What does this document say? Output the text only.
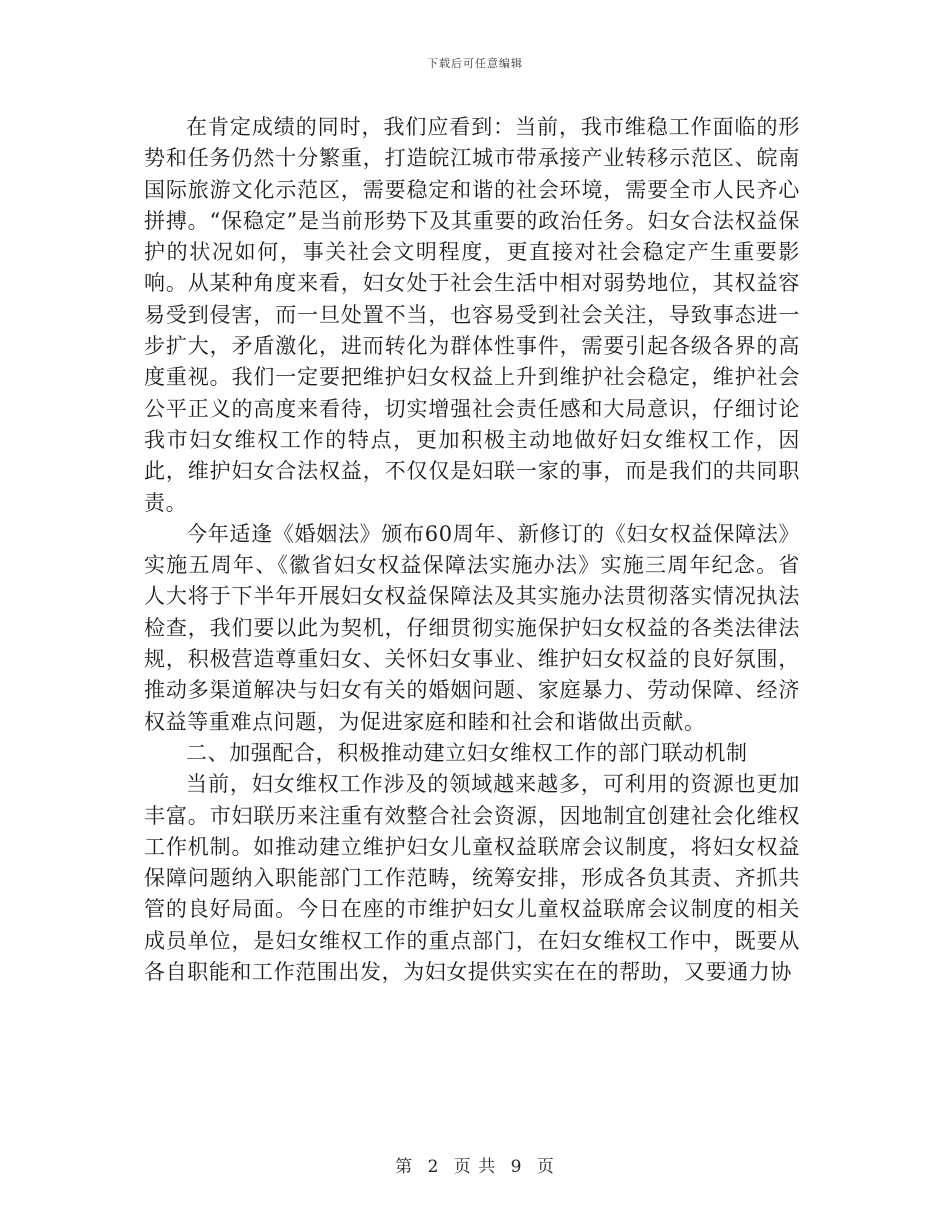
下载后可任意编辑

在肯定成绩的同时，我们应看到：当前，我市维稳工作面临的形势和任务仍然十分繁重，打造皖江城市带承接产业转移示范区、皖南国际旅游文化示范区，需要稳定和谐的社会环境，需要全市人民齐心拼搏。“保稳定”是当前形势下及其重要的政治任务。妇女合法权益保护的状况如何，事关社会文明程度，更直接对社会稳定产生重要影响。从某种角度来看，妇女处于社会生活中相对弱势地位，其权益容易受到侵害，而一旦处置不当，也容易受到社会关注，导致事态进一步扩大，矛盾激化，进而转化为群体性事件，需要引起各级各界的高度重视。我们一定要把维护妇女权益上升到维护社会稳定，维护社会公平正义的高度来看待，切实增强社会责任感和大局意识，仔细讨论我市妇女维权工作的特点，更加积极主动地做好妇女维权工作，因此，维护妇女合法权益，不仅仅是妇联一家的事，而是我们的共同职责。

今年适逢《婚姻法》颁布60周年、新修订的《妇女权益保障法》实施五周年、《徽省妇女权益保障法实施办法》实施三周年纪念。省人大将于下半年开展妇女权益保障法及其实施办法贯彻落实情况执法检查，我们要以此为契机，仔细贯彻实施保护妇女权益的各类法律法规，积极营造尊重妇女、关怀妇女事业、维护妇女权益的良好氛围，推动多渠道解决与妇女有关的婚姻问题、家庭暴力、劳动保障、经济权益等重难点问题，为促进家庭和睦和社会和谐做出贡献。

二、加强配合，积极推动建立妇女维权工作的部门联动机制

当前，妇女维权工作涉及的领域越来越多，可利用的资源也更加丰富。市妇联历来注重有效整合社会资源，因地制宜创建社会化维权工作机制。如推动建立维护妇女儿童权益联席会议制度，将妇女权益保障问题纳入职能部门工作范畴，统筹安排，形成各负其责、齐抓共管的良好局面。今日在座的市维护妇女儿童权益联席会议制度的相关成员单位，是妇女维权工作的重点部门，在妇女维权工作中，既要从各自职能和工作范围出发，为妇女提供实实在在的帮助，又要通力协

第 2 页 共 9 页
